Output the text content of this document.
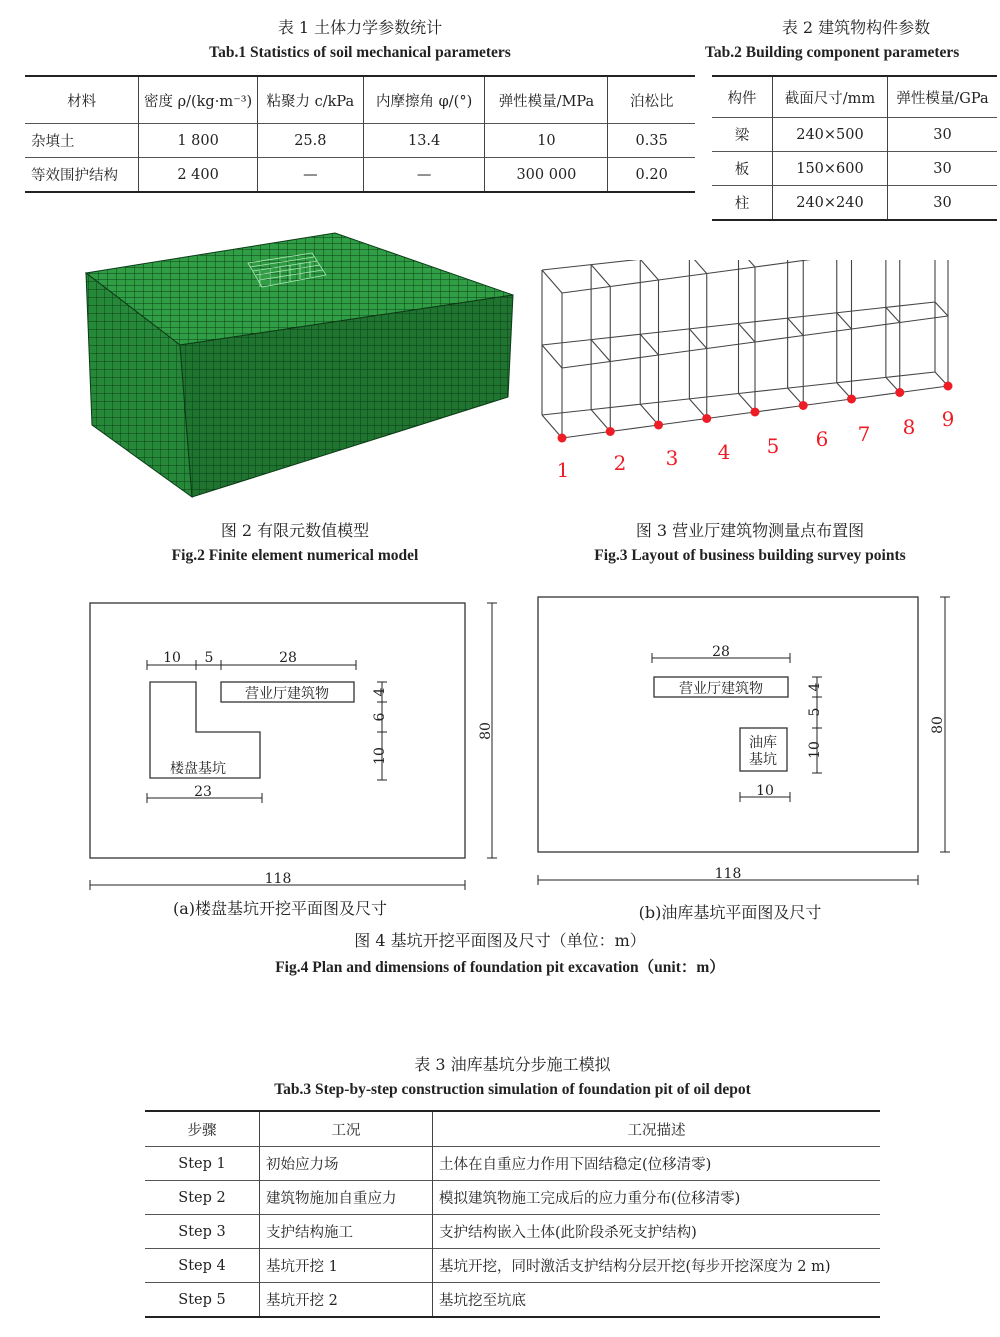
表 1 土体力学参数统计
Tab.1 Statistics of soil mechanical parameters
材料	密度 ρ/(kg·m⁻³)	粘聚力 c/kPa	内摩擦角 φ/(°)	弹性模量/MPa	泊松比
杂填土	1 800	25.8	13.4	10	0.35
等效围护结构	2 400	—	—	300 000	0.20
表 2 建筑物构件参数
Tab.2 Building component parameters
构件	截面尺寸/mm	弹性模量/GPa
梁	240×500	30
板	150×600	30
柱	240×240	30
1 2 3 4 5 6 7 8 9
图 2 有限元数值模型
Fig.2 Finite element numerical model
图 3 营业厅建筑物测量点布置图
Fig.3 Layout of business building survey points
营业厅建筑物
楼盘基坑
10 5	28
23
4
6
10
80
118
(a)楼盘基坑开挖平面图及尺寸
营业厅建筑物
油库
基坑
28
4
5
10
10
80
118
(b)油库基坑平面图及尺寸
图 4 基坑开挖平面图及尺寸（单位：m）
Fig.4 Plan and dimensions of foundation pit excavation（unit：m）
表 3 油库基坑分步施工模拟
Tab.3 Step-by-step construction simulation of foundation pit of oil depot
步骤	工况	工况描述
Step 1	初始应力场	土体在自重应力作用下固结稳定(位移清零)
Step 2	建筑物施加自重应力	模拟建筑物施工完成后的应力重分布(位移清零)
Step 3	支护结构施工	支护结构嵌入土体(此阶段杀死支护结构)
Step 4	基坑开挖 1	基坑开挖，同时激活支护结构分层开挖(每步开挖深度为 2 m)
Step 5	基坑开挖 2	基坑挖至坑底
